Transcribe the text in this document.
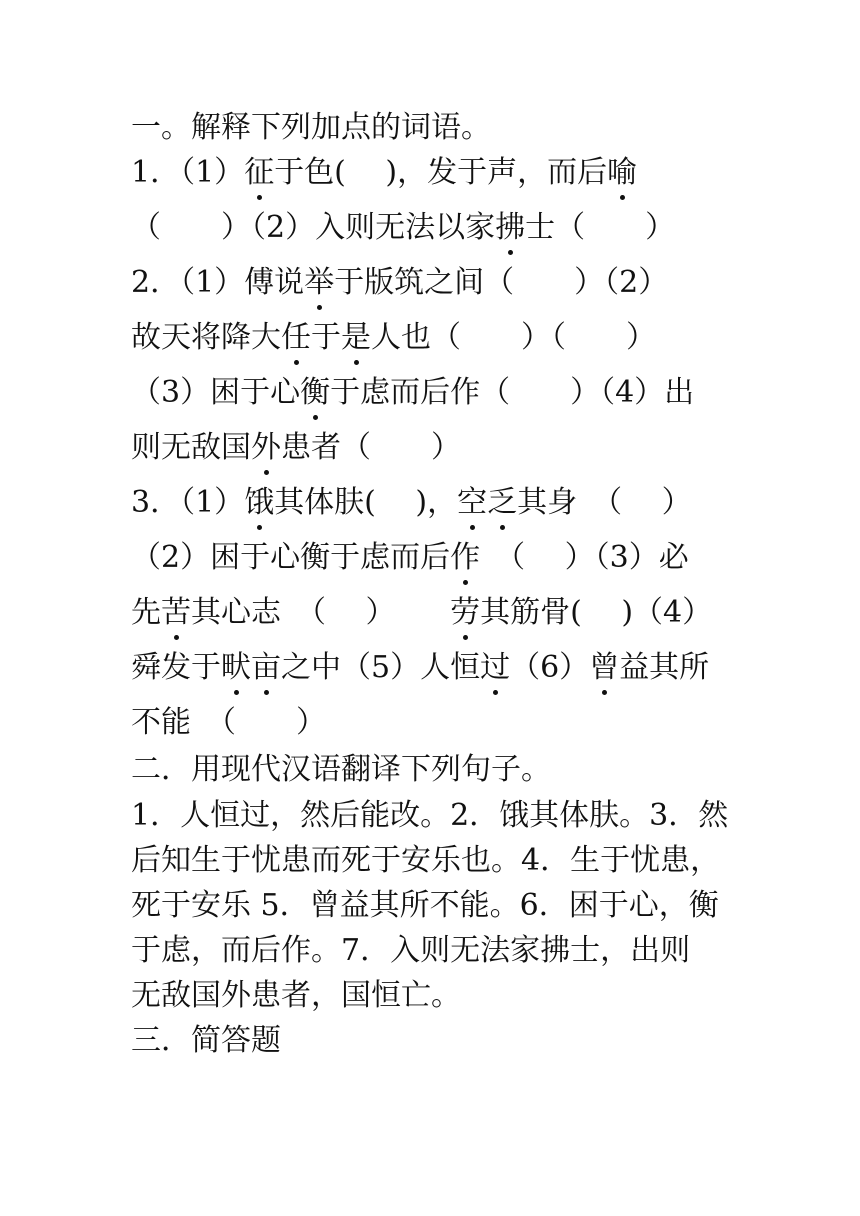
一。解释下列加点的词语。
1．（1）征于色(　 )，发于声，而后喻
（　　）（2）入则无法以家拂士（　　）
2．（1）傅说举于版筑之间（　　）（2）
故天将降大任于是人也（　　）（　　）
（3）困于心衡于虑而后作（　　）（4）出
则无敌国外患者（　　）
3．（1）饿其体肤(　 )，空乏其身　（　 ）
（2）困于心衡于虑而后作　（　 ）（3）必
先苦其心志　（　 ）　　 劳其筋骨(　 )（4）
舜发于畎亩之中（5）人恒过（6）曾益其所
不能　（　　）
二．用现代汉语翻译下列句子。
1．人恒过，然后能改。2．饿其体肤。3．然
后知生于忧患而死于安乐也。4．生于忧患，
死于安乐 5．曾益其所不能。6．困于心，衡
于虑，而后作。7．入则无法家拂士，出则
无敌国外患者，国恒亡。
三．简答题
